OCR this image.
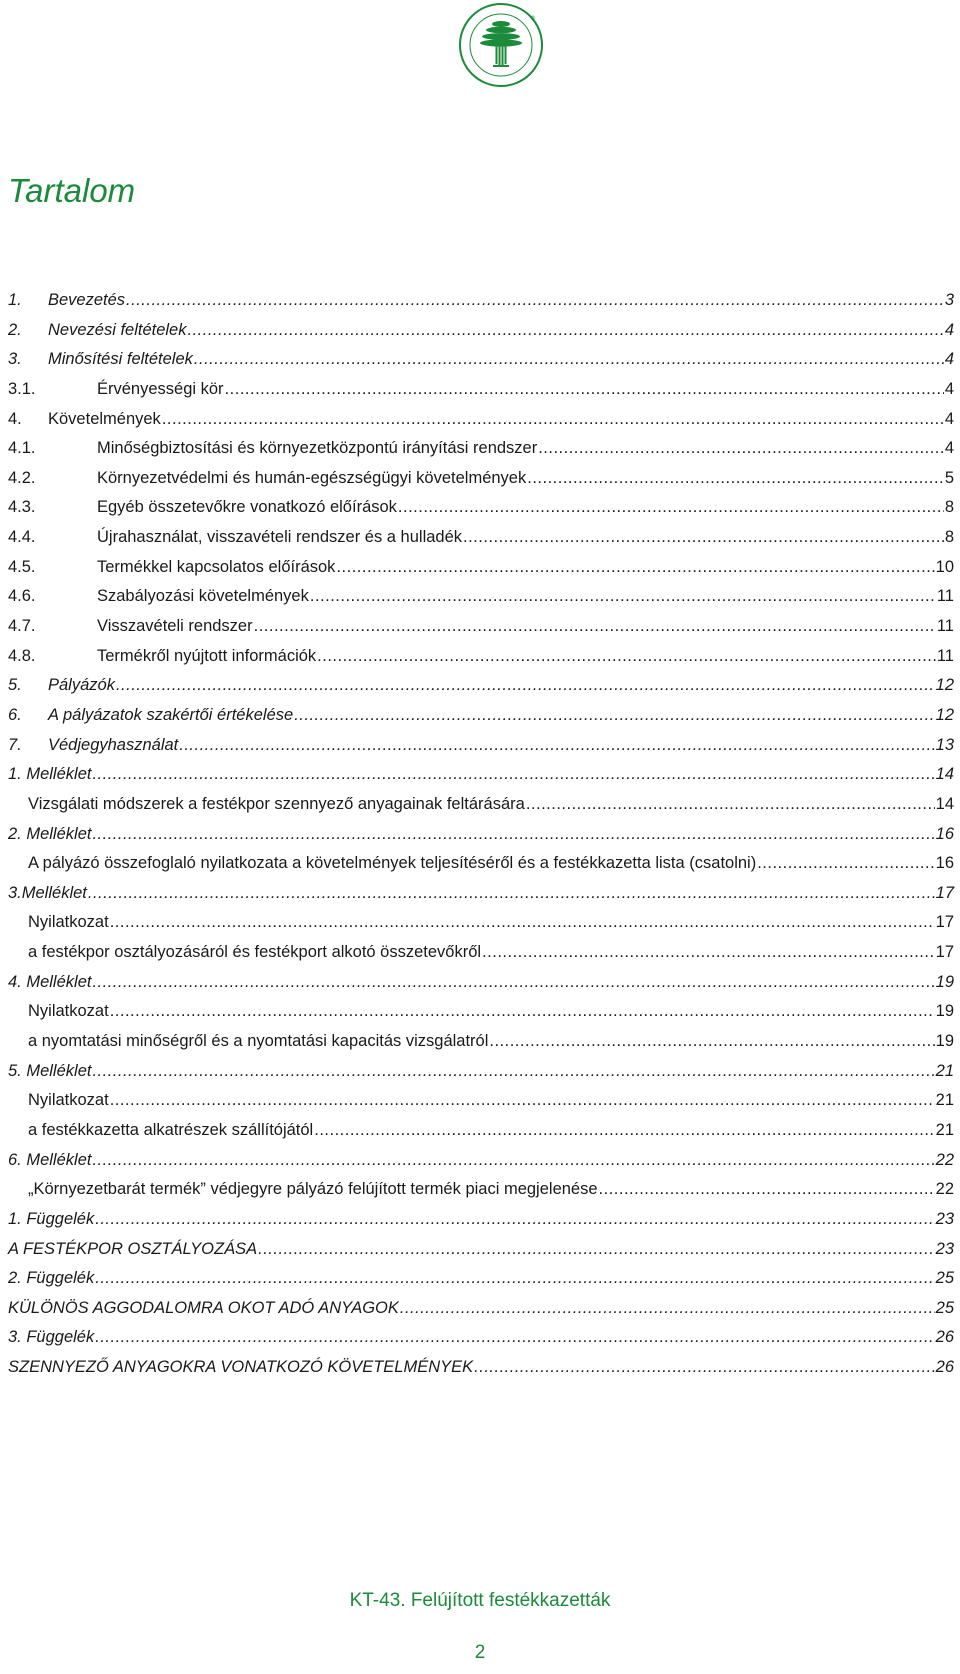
®
Tartalom
1.	Bevezetés .....	3
2.	Nevezési feltételek .....	4
3.	Minősítési feltételek .....	4
3.1.	Érvényességi kör .....	4
4.	Követelmények .....	4
4.1.	Minőségbiztosítási és környezetközpontú irányítási rendszer .....	4
4.2.	Környezetvédelmi és humán-egészségügyi követelmények .....	5
4.3.	Egyéb összetevőkre vonatkozó előírások .....	8
4.4.	Újrahasználat, visszavételi rendszer és a hulladék .....	8
4.5.	Termékkel kapcsolatos előírások .....	10
4.6.	Szabályozási követelmények .....	11
4.7.	Visszavételi rendszer .....	11
4.8.	Termékről nyújtott információk .....	11
5.	Pályázók .....	12
6.	A pályázatok szakértői értékelése .....	12
7.	Védjegyhasználat .....	13
1. Melléklet .....	14
Vizsgálati módszerek a festékpor szennyező anyagainak feltárására .....	14
2. Melléklet .....	16
A pályázó összefoglaló nyilatkozata a követelmények teljesítéséről és a festékkazetta lista (csatolni) .....	16
3.Melléklet .....	17
Nyilatkozat .....	17
a festékpor osztályozásáról és festékport alkotó összetevőkről .....	17
4. Melléklet .....	19
Nyilatkozat .....	19
a nyomtatási minőségről és a nyomtatási kapacitás vizsgálatról .....	19
5. Melléklet .....	21
Nyilatkozat .....	21
a festékkazetta alkatrészek szállítójától .....	21
6. Melléklet .....	22
„Környezetbarát termék” védjegyre pályázó felújított termék piaci megjelenése .....	22
1. Függelék .....	23
A FESTÉKPOR OSZTÁLYOZÁSA .....	23
2. Függelék .....	25
KÜLÖNÖS AGGODALOMRA OKOT ADÓ ANYAGOK .....	25
3. Függelék .....	26
SZENNYEZŐ ANYAGOKRA VONATKOZÓ KÖVETELMÉNYEK .....	26
KT-43. Felújított festékkazetták
2
